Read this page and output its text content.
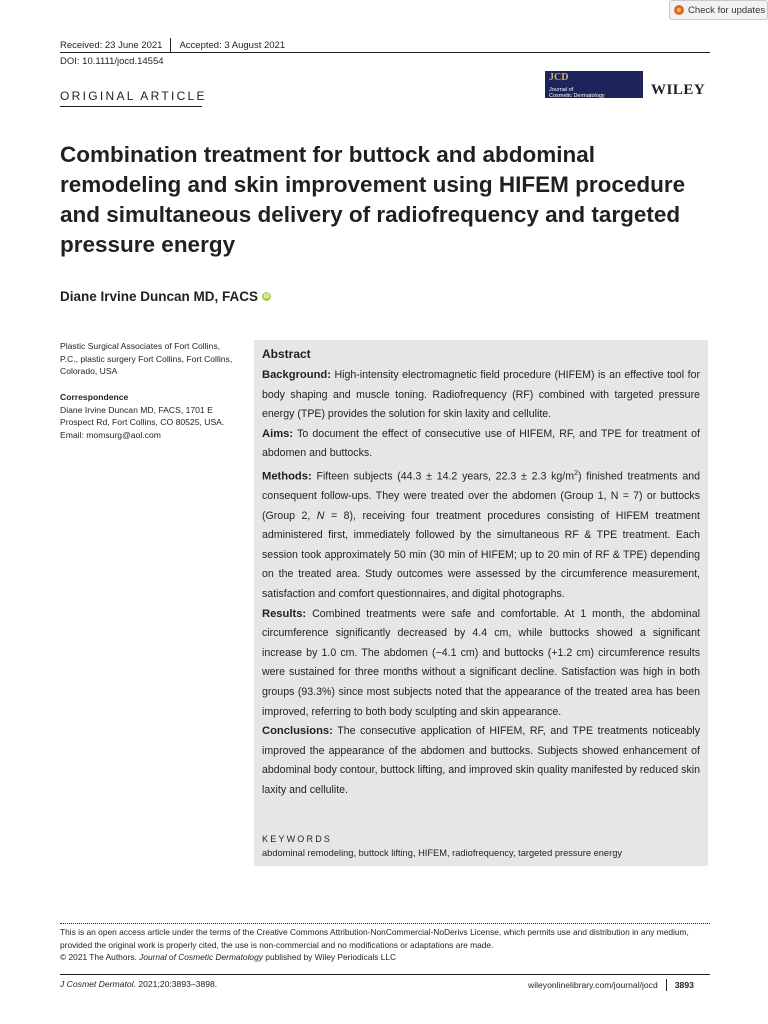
Check for updates
Received: 23 June 2021 Accepted: 3 August 2021
DOI: 10.1111/jocd.14554
ORIGINAL ARTICLE
JCD
Journal of
Cosmetic Dermatology	WILEY
Combination treatment for buttock and abdominal remodeling and skin improvement using HIFEM procedure and simultaneous delivery of radiofrequency and targeted pressure energy
Diane Irvine Duncan MD, FACS iD
Plastic Surgical Associates of Fort Collins, P.C., plastic surgery Fort Collins, Fort Collins, Colorado, USA
Correspondence
Diane Irvine Duncan MD, FACS, 1701 E
Prospect Rd, Fort Collins, CO 80525, USA.
Email: momsurg@aol.com
Abstract

Background: High-intensity electromagnetic field procedure (HIFEM) is an effective tool for body shaping and muscle toning. Radiofrequency (RF) combined with targeted pressure energy (TPE) provides the solution for skin laxity and cellulite.

Aims: To document the effect of consecutive use of HIFEM, RF, and TPE for treatment of abdomen and buttocks.

Methods: Fifteen subjects (44.3 ± 14.2 years, 22.3 ± 2.3 $kg/m^2$) finished treatments and consequent follow-ups. They were treated over the abdomen (Group 1, N = 7) or buttocks (Group 2, N = 8), receiving four treatment procedures consisting of HIFEM treatment administered first, immediately followed by the simultaneous RF & TPE treatment. Each session took approximately 50 min (30 min of HIFEM; up to 20 min of RF & TPE) depending on the treated area. Study outcomes were assessed by the circumference measurement, satisfaction and comfort questionnaires, and digital photographs.

Results: Combined treatments were safe and comfortable. At 1 month, the abdominal circumference significantly decreased by 4.4 cm, while buttocks showed a significant increase by 1.0 cm. The abdomen (−4.1 cm) and buttocks (+1.2 cm) circumference results were sustained for three months without a significant decline. Satisfaction was high in both groups (93.3%) since most subjects noted that the appearance of the treated area has been improved, referring to both body sculpting and skin appearance.

Conclusions: The consecutive application of HIFEM, RF, and TPE treatments noticeably improved the appearance of the abdomen and buttocks. Subjects showed enhancement of abdominal body contour, buttock lifting, and improved skin quality manifested by reduced skin laxity and cellulite.

KEYWORDS
abdominal remodeling, buttock lifting, HIFEM, radiofrequency, targeted pressure energy

This is an open access article under the terms of the Creative Commons Attribution-NonCommercial-NoDerivs License, which permits use and distribution in any medium, provided the original work is properly cited, the use is non-commercial and no modifications or adaptations are made.

© 2021 The Authors. Journal of Cosmetic Dermatology published by Wiley Periodicals LLC

J Cosmet Dermatol. 2021;20:3893–3898.	wileyonlinelibrary.com/journal/jocd 3893
